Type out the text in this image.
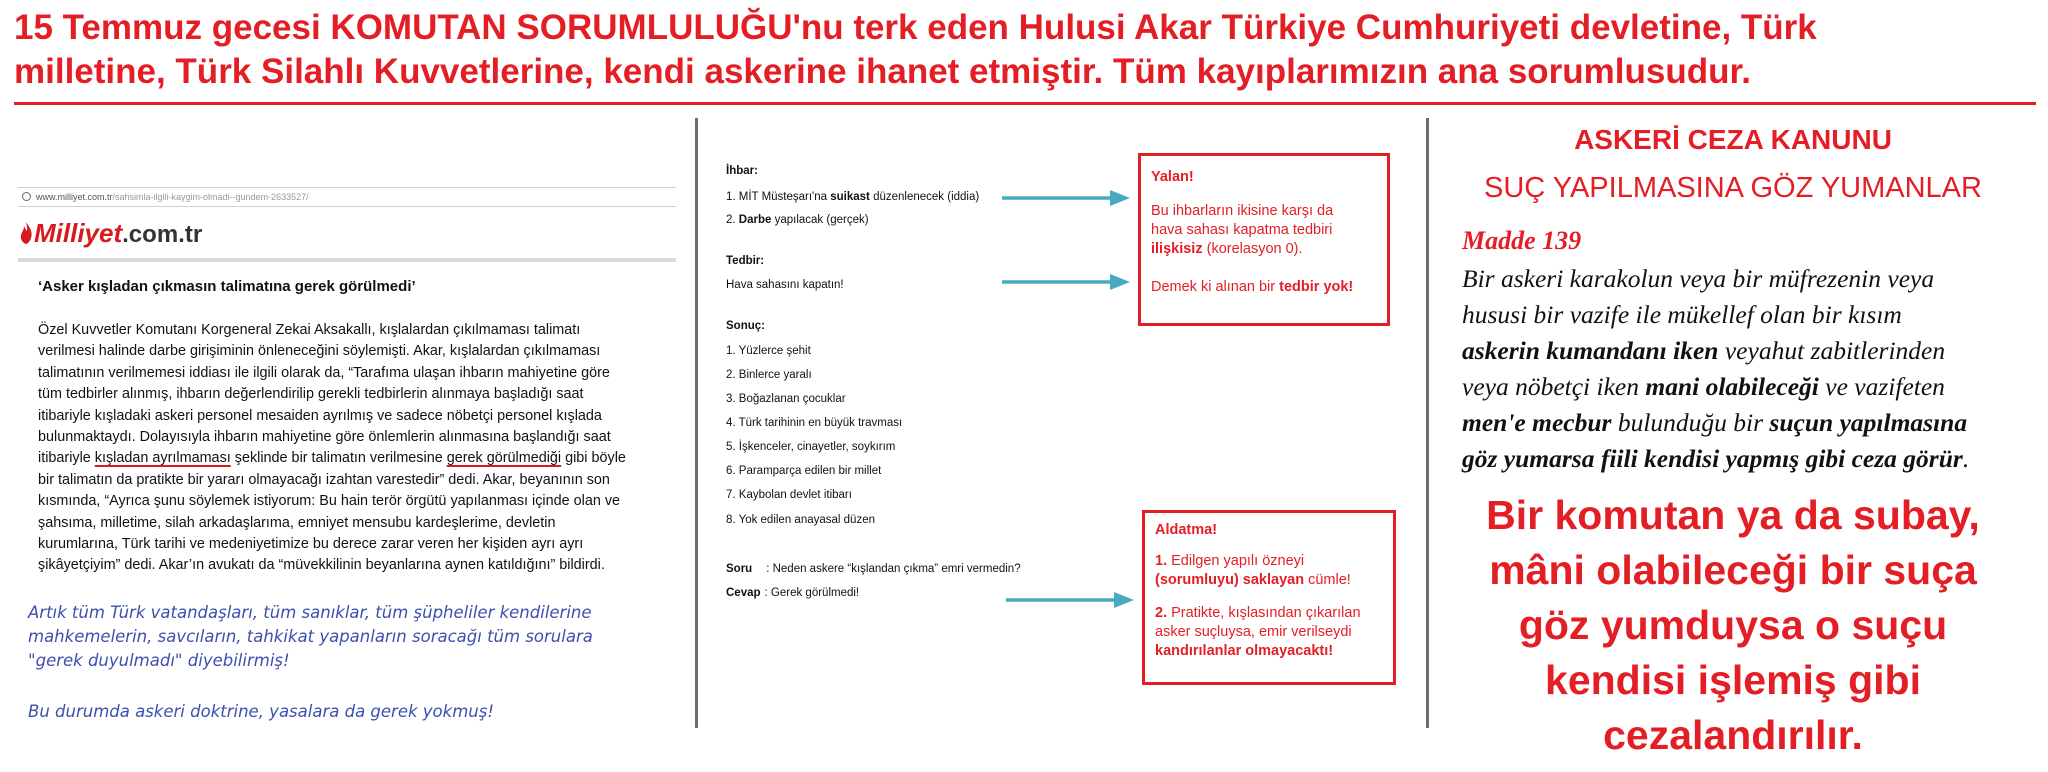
15 Temmuz gecesi KOMUTAN SORUMLULUĞU'nu terk eden Hulusi Akar Türkiye Cumhuriyeti devletine, Türk
milletine, Türk Silahlı Kuvvetlerine, kendi askerine ihanet etmiştir. Tüm kayıplarımızın ana sorumlusudur.
www.milliyet.com.tr/sahsimla-ilgili-kaygim-olmadi--gundem-2633527/
Milliyet.com.tr
‘Asker kışladan çıkmasın talimatına gerek görülmedi’
Özel Kuvvetler Komutanı Korgeneral Zekai Aksakallı, kışlalardan çıkılmaması talimatı
verilmesi halinde darbe girişiminin önleneceğini söylemişti. Akar, kışlalardan çıkılmaması
talimatının verilmemesi iddiası ile ilgili olarak da, “Tarafıma ulaşan ihbarın mahiyetine göre
tüm tedbirler alınmış, ihbarın değerlendirilip gerekli tedbirlerin alınmaya başladığı saat
itibariyle kışladaki askeri personel mesaiden ayrılmış ve sadece nöbetçi personel kışlada
bulunmaktaydı. Dolayısıyla ihbarın mahiyetine göre önlemlerin alınmasına başlandığı saat
itibariyle kışladan ayrılmaması şeklinde bir talimatın verilmesine gerek görülmediği gibi böyle
bir talimatın da pratikte bir yararı olmayacağı izahtan varestedir” dedi. Akar, beyanının son
kısmında, “Ayrıca şunu söylemek istiyorum: Bu hain terör örgütü yapılanması içinde olan ve
şahsıma, milletime, silah arkadaşlarıma, emniyet mensubu kardeşlerime, devletin
kurumlarına, Türk tarihi ve medeniyetimize bu derece zarar veren her kişiden ayrı ayrı
şikâyetçiyim” dedi. Akar’ın avukatı da “müvekkilinin beyanlarına aynen katıldığını” bildirdi.
Artık tüm Türk vatandaşları, tüm sanıklar, tüm şüpheliler kendilerine
mahkemelerin, savcıların, tahkikat yapanların soracağı tüm sorulara
"gerek duyulmadı" diyebilirmiş!
Bu durumda askeri doktrine, yasalara da gerek yokmuş!
İhbar:
1. MİT Müsteşarı'na suikast düzenlenecek (iddia)
2. Darbe yapılacak (gerçek)
Tedbir:
Hava sahasını kapatın!
Sonuç:
1. Yüzlerce şehit
2. Binlerce yaralı
3. Boğazlanan çocuklar
4. Türk tarihinin en büyük travması
5. İşkenceler, cinayetler, soykırım
6. Paramparça edilen bir millet
7. Kaybolan devlet itibarı
8. Yok edilen anayasal düzen
Soru : Neden askere “kışlandan çıkma” emri vermedin?
Cevap : Gerek görülmedi!
Yalan!
Bu ihbarların ikisine karşı da
hava sahası kapatma tedbiri
ilişkisiz (korelasyon 0).
Demek ki alınan bir tedbir yok!
Aldatma!
1. Edilgen yapılı özneyi
(sorumluyu) saklayan cümle!
2. Pratikte, kışlasından çıkarılan
asker suçluysa, emir verilseydi
kandırılanlar olmayacaktı!
ASKERİ CEZA KANUNU
SUÇ YAPILMASINA GÖZ YUMANLAR
Madde 139
Bir askeri karakolun veya bir müfrezenin veya
hususi bir vazife ile mükellef olan bir kısım
askerin kumandanı iken veyahut zabitlerinden
veya nöbetçi iken mani olabileceği ve vazifeten
men'e mecbur bulunduğu bir suçun yapılmasına
göz yumarsa fiili kendisi yapmış gibi ceza görür.
Bir komutan ya da subay,
mâni olabileceği bir suça
göz yumduysa o suçu
kendisi işlemiş gibi
cezalandırılır.
